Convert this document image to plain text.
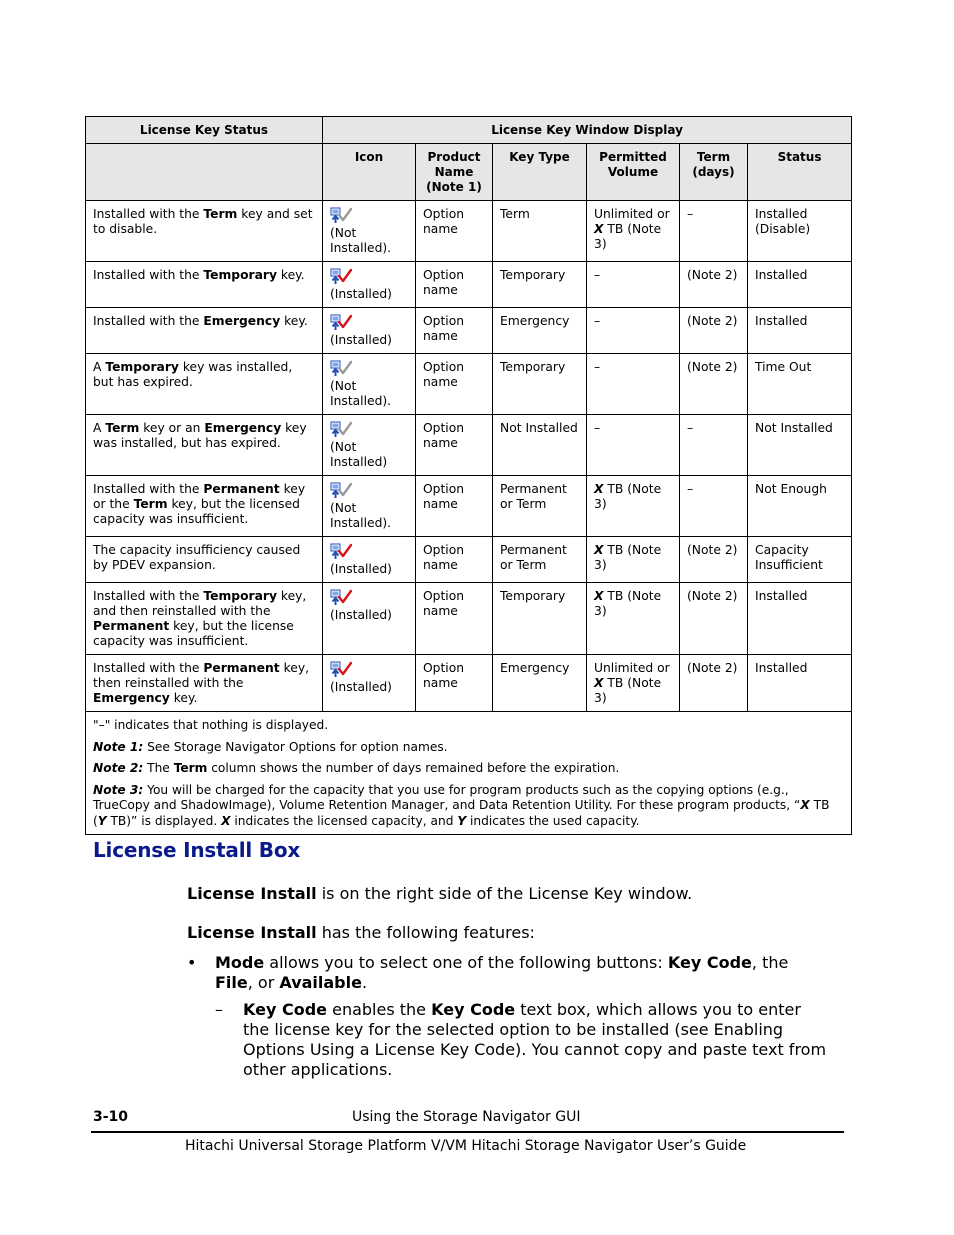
License Key Status	License Key Window Display					
	Icon	Product Name (Note 1)	Key Type	Permitted Volume	Term (days)	Status
Installed with the Term key and set to disable.	(Not Installed).	Option name	Term	Unlimited or X TB (Note 3)	–	Installed (Disable)
Installed with the Temporary key.	(Installed)	Option name	Temporary	–	(Note 2)	Installed
Installed with the Emergency key.	(Installed)	Option name	Emergency	–	(Note 2)	Installed
A Temporary key was installed, but has expired.	(Not Installed).	Option name	Temporary	–	(Note 2)	Time Out
A Term key or an Emergency key was installed, but has expired.	(Not Installed)	Option name	Not Installed	–	–	Not Installed
Installed with the Permanent key or the Term key, but the licensed capacity was insufficient.	(Not Installed).	Option name	Permanent or Term	X TB (Note 3)	–	Not Enough
The capacity insufficiency caused by PDEV expansion.	(Installed)	Option name	Permanent or Term	X TB (Note 3)	(Note 2)	Capacity Insufficient
Installed with the Temporary key, and then reinstalled with the Permanent key, but the license capacity was insufficient.	(Installed)	Option name	Temporary	X TB (Note 3)	(Note 2)	Installed
Installed with the Permanent key, then reinstalled with the Emergency key.	(Installed)	Option name	Emergency	Unlimited or X TB (Note 3)	(Note 2)	Installed

"–" indicates that nothing is displayed.

Note 1: See Storage Navigator Options for option names.

Note 2: The Term column shows the number of days remained before the expiration.

Note 3: You will be charged for the capacity that you use for program products such as the copying options (e.g., TrueCopy and ShadowImage), Volume Retention Manager, and Data Retention Utility. For these program products, “X TB (Y TB)” is displayed. X indicates the licensed capacity, and Y indicates the used capacity.						

License Install Box

License Install is on the right side of the License Key window.

License Install has the following features:

• Mode allows you to select one of the following buttons: Key Code, the File, or Available.
– Key Code enables the Key Code text box, which allows you to enter the license key for the selected option to be installed (see Enabling Options Using a License Key Code). You cannot copy and paste text from other applications.
3-10	Using the Storage Navigator GUI
Hitachi Universal Storage Platform V/VM Hitachi Storage Navigator User’s Guide
